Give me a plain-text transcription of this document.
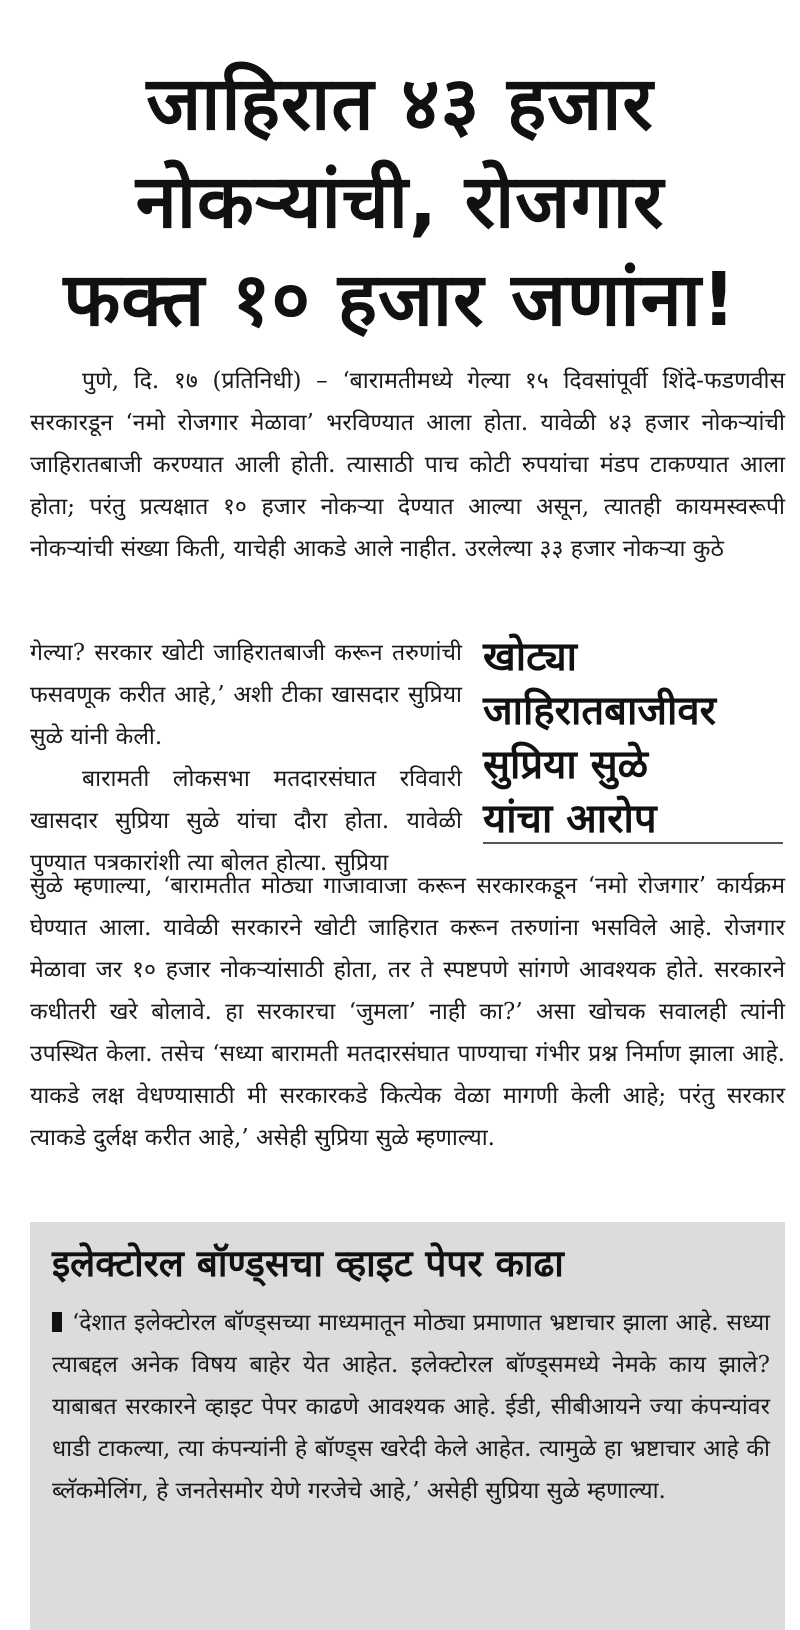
जाहिरात ४३ हजार
नोकऱ्यांची, रोजगार
फक्त १० हजार जणांना!
पुणे, दि. १७ (प्रतिनिधी) – ‘बारामतीमध्ये गेल्या १५ दिवसांपूर्वी शिंदे-फडणवीस सरकारडून ‘नमो रोजगार मेळावा’ भरविण्यात आला होता. यावेळी ४३ हजार नोकऱ्यांची जाहिरातबाजी करण्यात आली होती. त्यासाठी पाच कोटी रुपयांचा मंडप टाकण्यात आला होता; परंतु प्रत्यक्षात १० हजार नोकऱ्या देण्यात आल्या असून, त्यातही कायमस्वरूपी नोकऱ्यांची संख्या किती, याचेही आकडे आले नाहीत. उरलेल्या ३३ हजार नोकऱ्या कुठे
गेल्या? सरकार खोटी जाहिरातबाजी करून तरुणांची फसवणूक करीत आहे,’ अशी टीका खासदार सुप्रिया सुळे यांनी केली.
बारामती लोकसभा मतदारसंघात रविवारी खासदार सुप्रिया सुळे यांचा दौरा होता. यावेळी पुण्यात पत्रकारांशी त्या बोलत होत्या. सुप्रिया
खोट्या
जाहिरातबाजीवर
सुप्रिया सुळे
यांचा आरोप
सुळे म्हणाल्या, ‘बारामतीत मोठ्या गाजावाजा करून सरकारकडून ‘नमो रोजगार’ कार्यक्रम घेण्यात आला. यावेळी सरकारने खोटी जाहिरात करून तरुणांना भसविले आहे. रोजगार मेळावा जर १० हजार नोकऱ्यांसाठी होता, तर ते स्पष्टपणे सांगणे आवश्यक होते. सरकारने कधीतरी खरे बोलावे. हा सरकारचा ‘जुमला’ नाही का?’ असा खोचक सवालही त्यांनी उपस्थित केला. तसेच ‘सध्या बारामती मतदारसंघात पाण्याचा गंभीर प्रश्न निर्माण झाला आहे. याकडे लक्ष वेधण्यासाठी मी सरकारकडे कित्येक वेळा मागणी केली आहे; परंतु सरकार त्याकडे दुर्लक्ष करीत आहे,’ असेही सुप्रिया सुळे म्हणाल्या.
इलेक्टोरल बॉण्ड्सचा व्हाइट पेपर काढा
‘देशात इलेक्टोरल बॉण्ड्सच्या माध्यमातून मोठ्या प्रमाणात भ्रष्टाचार झाला आहे. सध्या त्याबद्दल अनेक विषय बाहेर येत आहेत. इलेक्टोरल बॉण्ड्समध्ये नेमके काय झाले? याबाबत सरकारने व्हाइट पेपर काढणे आवश्यक आहे. ईडी, सीबीआयने ज्या कंपन्यांवर धाडी टाकल्या, त्या कंपन्यांनी हे बॉण्ड्स खरेदी केले आहेत. त्यामुळे हा भ्रष्टाचार आहे की ब्लॅकमेलिंग, हे जनतेसमोर येणे गरजेचे आहे,’ असेही सुप्रिया सुळे म्हणाल्या.
